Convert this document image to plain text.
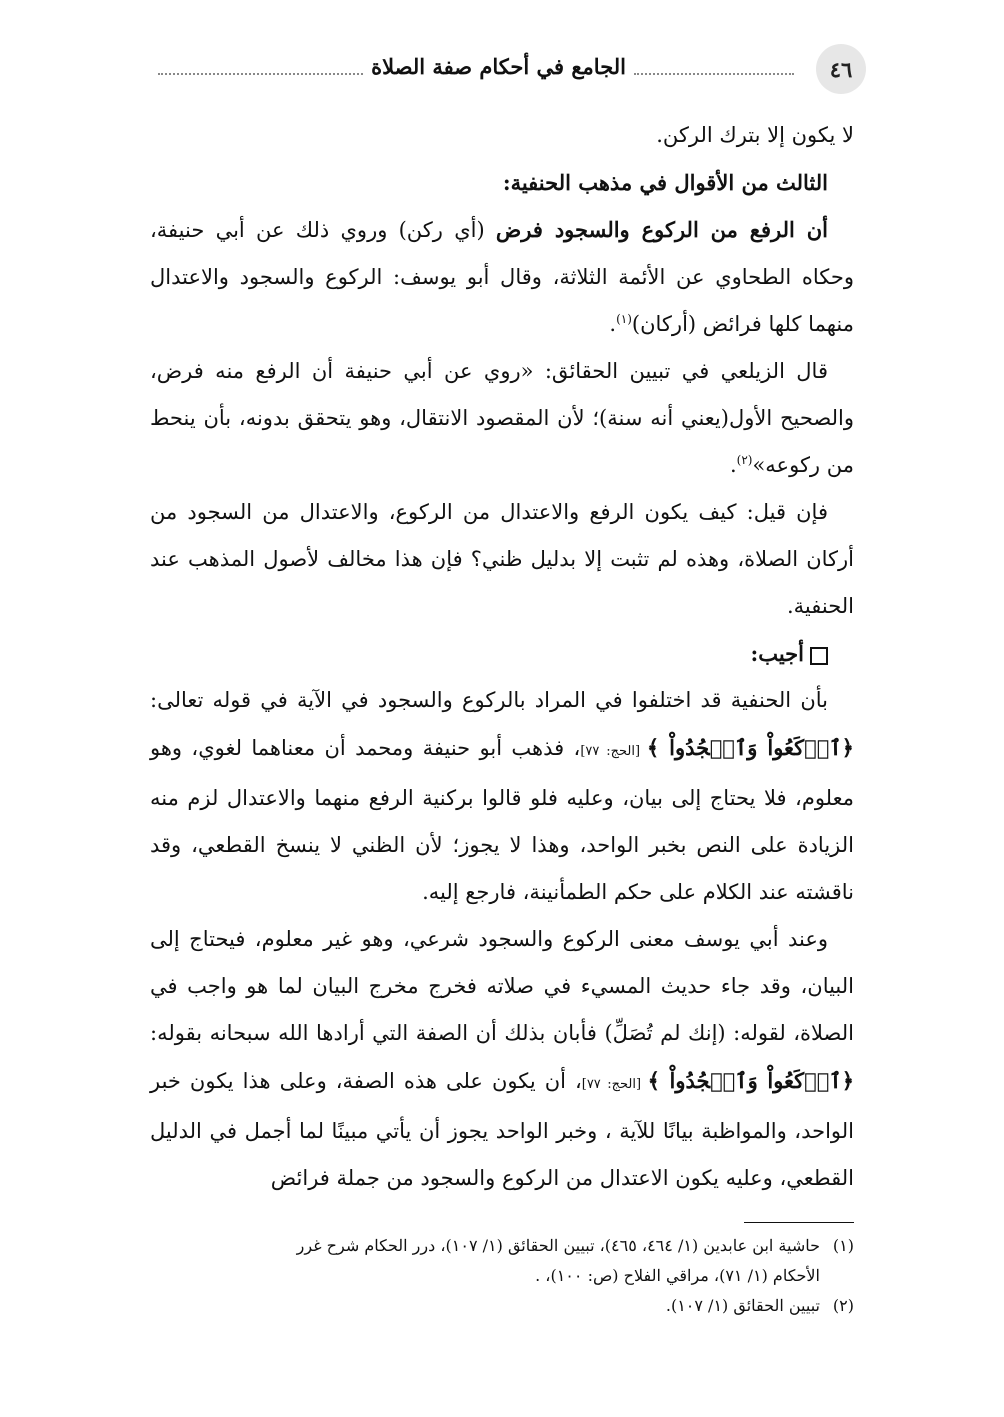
٤٦
الجامع في أحكام صفة الصلاة

لا يكون إلا بترك الركن.

الثالث من الأقوال في مذهب الحنفية:

أن الرفع من الركوع والسجود فرض (أي ركن) وروي ذلك عن أبي حنيفة، وحكاه الطحاوي عن الأئمة الثلاثة، وقال أبو يوسف: الركوع والسجود والاعتدال منهما كلها فرائض (أركان)$^{(١)}$.

قال الزيلعي في تبيين الحقائق: «روي عن أبي حنيفة أن الرفع منه فرض، والصحيح الأول(يعني أنه سنة)؛ لأن المقصود الانتقال، وهو يتحقق بدونه، بأن ينحط من ركوعه»$^{(٢)}$.

فإن قيل: كيف يكون الرفع والاعتدال من الركوع، والاعتدال من السجود من أركان الصلاة، وهذه لم تثبت إلا بدليل ظني؟ فإن هذا مخالف لأصول المذهب عند الحنفية.

أجيب:

بأن الحنفية قد اختلفوا في المراد بالركوع والسجود في الآية في قوله تعالى: ﴿ٱرۡكَعُواْ وَٱسۡجُدُواْ ﴾ [الحج: ٧٧]، فذهب أبو حنيفة ومحمد أن معناهما لغوي، وهو معلوم، فلا يحتاج إلى بيان، وعليه فلو قالوا بركنية الرفع منهما والاعتدال لزم منه الزيادة على النص بخبر الواحد، وهذا لا يجوز؛ لأن الظني لا ينسخ القطعي، وقد ناقشته عند الكلام على حكم الطمأنينة، فارجع إليه.

وعند أبي يوسف معنى الركوع والسجود شرعي، وهو غير معلوم، فيحتاج إلى البيان، وقد جاء حديث المسيء في صلاته فخرج مخرج البيان لما هو واجب في الصلاة، لقوله: (إنك لم تُصَلِّ) فأبان بذلك أن الصفة التي أرادها الله سبحانه بقوله: ﴿ٱرۡكَعُواْ وَٱسۡجُدُواْ ﴾ [الحج: ٧٧]، أن يكون على هذه الصفة، وعلى هذا يكون خبر الواحد، والمواظبة بيانًا للآية ، وخبر الواحد يجوز أن يأتي مبينًا لما أجمل في الدليل القطعي، وعليه يكون الاعتدال من الركوع والسجود من جملة فرائض

(١)حاشية ابن عابدين (١/ ٤٦٤، ٤٦٥)، تبيين الحقائق (١/ ١٠٧)، درر الحكام شرح غرر

الأحكام (١/ ٧١)، مراقي الفلاح (ص: ١٠٠)، .

(٢)تبيين الحقائق (١/ ١٠٧).
